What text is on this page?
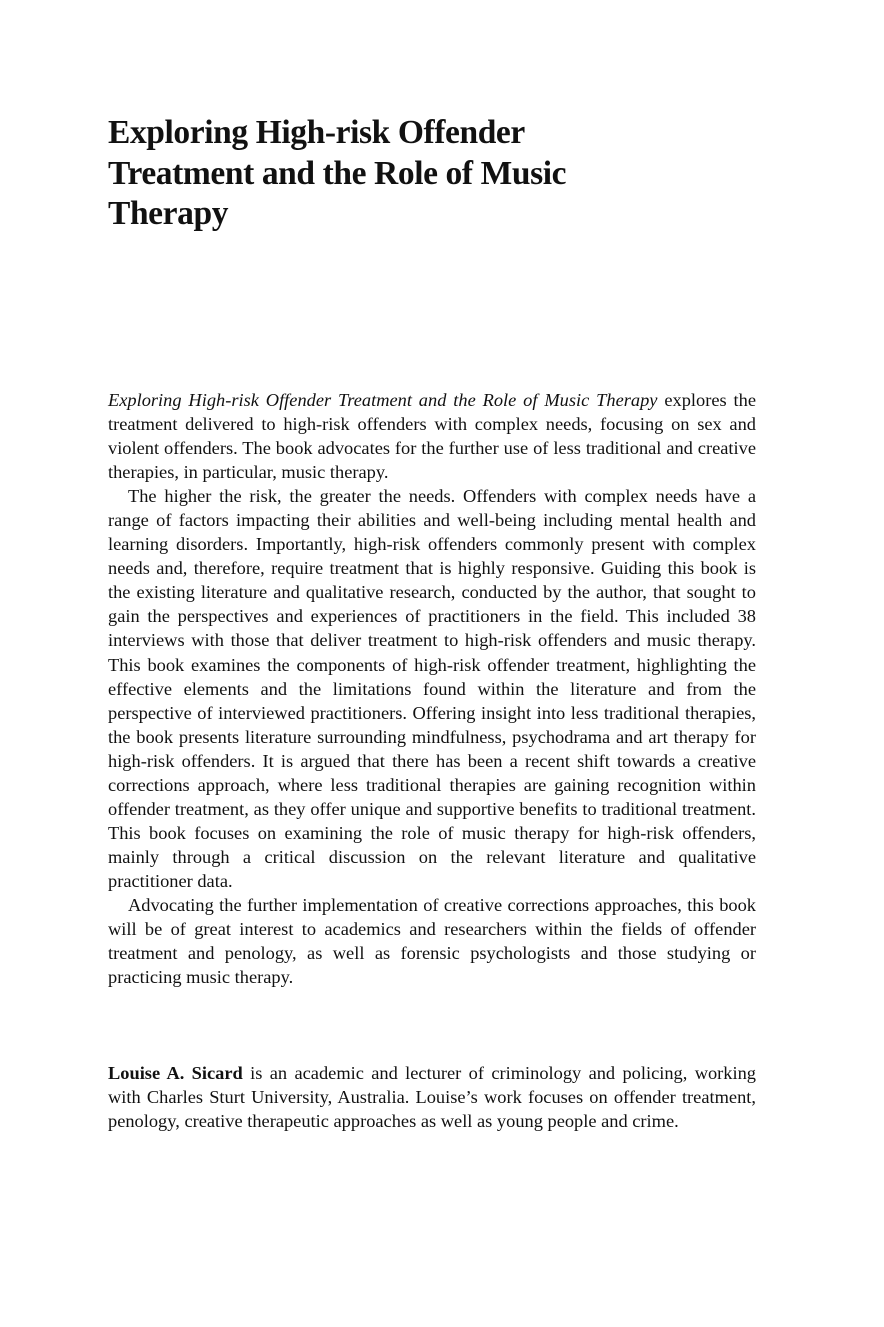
Exploring High-risk Offender
Treatment and the Role of Music
Therapy

Exploring High-risk Offender Treatment and the Role of Music Therapy explores the treatment delivered to high-risk offenders with complex needs, focusing on sex and violent offenders. The book advocates for the further use of less traditional and creative therapies, in particular, music therapy.

The higher the risk, the greater the needs. Offenders with complex needs have a range of factors impacting their abilities and well-being including mental health and learning disorders. Importantly, high-risk offenders commonly present with complex needs and, therefore, require treatment that is highly responsive. Guiding this book is the existing literature and qualitative research, conducted by the author, that sought to gain the perspectives and experiences of practitioners in the field. This included 38 interviews with those that deliver treatment to high-risk offenders and music therapy. This book examines the components of high-risk offender treatment, highlighting the effective elements and the limitations found within the literature and from the perspective of interviewed practitioners. Offering insight into less traditional therapies, the book presents literature surrounding mindfulness, psychodrama and art therapy for high-risk offenders. It is argued that there has been a recent shift towards a creative corrections approach, where less traditional therapies are gaining recognition within offender treatment, as they offer unique and supportive benefits to traditional treatment. This book focuses on examining the role of music therapy for high-risk offenders, mainly through a critical discussion on the relevant literature and qualitative practitioner data.

Advocating the further implementation of creative corrections approaches, this book will be of great interest to academics and researchers within the fields of offender treatment and penology, as well as forensic psychologists and those studying or practicing music therapy.

Louise A. Sicard is an academic and lecturer of criminology and policing, working with Charles Sturt University, Australia. Louise’s work focuses on offender treatment, penology, creative therapeutic approaches as well as young people and crime.
